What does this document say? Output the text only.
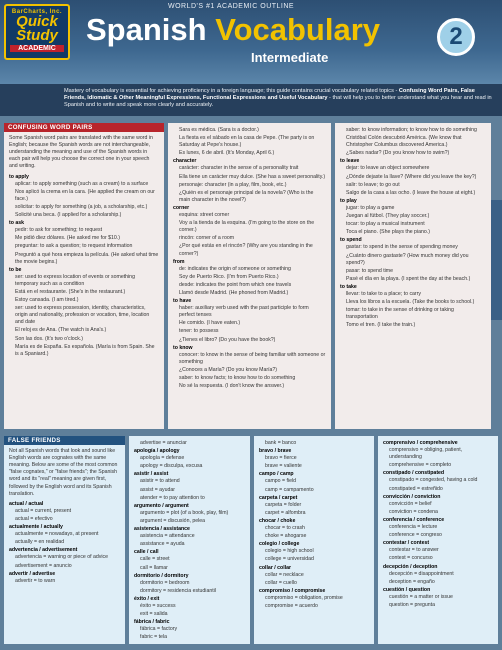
BarCharts, Inc.
Quick
Study
ACADEMIC
WORLD'S #1 ACADEMIC OUTLINE
Spanish Vocabulary
Intermediate
2
Mastery of vocabulary is essential for achieving proficiency in a foreign language; this guide contains crucial vocabulary related topics - Confusing Word Pairs, False Friends, Idiomatic & Other Meaningful Expressions, Functional Expressions and Useful Vocabulary - that will help you to better understand what you hear and read in Spanish and to write and speak more clearly and accurately.
CONFUSING WORD PAIRS
Some Spanish word pairs are translated with the same word in English; because the Spanish words are not interchangeable, understanding the meaning and use of the Spanish words in each pair will help you choose the correct one in your speech and writing.
to apply
aplicar: to apply something (such as a cream) to a surface
Nos aplicó la crema en la cara. (He applied the cream on our face.)
solicitar: to apply for something (a job, a scholarship, etc.)
Solicité una beca. (I applied for a scholarship.)
to ask
pedir: to ask for something; to request
Me pidió diez dólares. (He asked me for $10.)
preguntar: to ask a question; to request information
Preguntó a qué hora empieza la película. (He asked what time the movie begins.)
to be
ser: used to express location of events or something temporary such as a condition
Está en el restaurante. (She's in the restaurant.)
Estoy cansada. (I am tired.)
ser: used to express possession, identity, characteristics, origin and nationality, profession or vocation, time, location and date
El reloj es de Ana. (The watch is Ana's.)
Son las dos. (It's two o'clock.)
María es de España. Es española. (María is from Spain. She is a Spaniard.)
Sara es médica. (Sara is a doctor.)
La fiesta es el sábado en la casa de Pepe. (The party is on Saturday at Pepe's house.)
Es lunes, 6 de abril. (It's Monday, April 6.)
character
carácter: character in the sense of a personality trait
Ella tiene un carácter muy dulce. (She has a sweet personality.)
personaje: character (in a play, film, book, etc.)
¿Quién es el personaje principal de la novela? (Who is the main character in the novel?)
corner
esquina: street corner
Voy a la tienda de la esquina. (I'm going to the store on the corner.)
rincón: corner of a room
¿Por qué estás en el rincón? (Why are you standing in the corner?)
from
de: indicates the origin of someone or something
Soy de Puerto Rico. (I'm from Puerto Rico.)
desde: indicates the point from which one travels
Llamó desde Madrid. (He phoned from Madrid.)
to have
haber: auxiliary verb used with the past participle to form perfect tenses
He comido. (I have eaten.)
tener: to possess
¿Tienes el libro? (Do you have the book?)
to know
conocer: to know in the sense of being familiar with someone or something
¿Conoces a María? (Do you know María?)
saber: to know facts; to know how to do something
No sé la respuesta. (I don't know the answer.)
saber: to know information; to know how to do something
Cristóbal Colón descubrió América. (We know that Christopher Columbus discovered America.)
¿Sabes nadar? (Do you know how to swim?)
to leave
dejar: to leave an object somewhere
¿Dónde dejaste la llave? (Where did you leave the key?)
salir: to leave; to go out
Salgo de la casa a las ocho. (I leave the house at eight.)
to play
jugar: to play a game
Juegan al fútbol. (They play soccer.)
tocar: to play a musical instrument
Toca el piano. (She plays the piano.)
to spend
gastar: to spend in the sense of spending money
¿Cuánto dinero gastaste? (How much money did you spend?)
pasar: to spend time
Pasé el día en la playa. (I spent the day at the beach.)
to take
llevar: to take to a place; to carry
Lleva los libros a la escuela. (Take the books to school.)
tomar: to take in the sense of drinking or taking transportation
Tomo el tren. (I take the train.)
FALSE FRIENDS
Not all Spanish words that look and sound like English words are cognates with the same meaning. Below are some of the most common "false cognates," or "false friends"; the Spanish word and its "real" meaning are given first, followed by the English word and its Spanish translation.
actual / actual
actual = current, present
actual = efectivo
actualmente / actually
actualmente = nowadays, at present
actually = en realidad
advertencia / advertisement
advertencia = warning or piece of advice
advertisement = anuncio
advertir / advertise
advertir = to warn
advertise = anunciar
apología / apology
apología = defense
apology = disculpa, excusa
asistir / assist
asistir = to attend
assist = ayudar
atender = to pay attention to
argumento / argument
argumento = plot (of a book, play, film)
argument = discusión, pelea
asistencia / assistance
asistencia = attendance
assistance = ayuda
calle / call
calle = street
call = llamar
dormitorio / dormitory
dormitorio = bedroom
dormitory = residencia estudiantil
éxito / exit
éxito = success
exit = salida
fábrica / fabric
fábrica = factory
fabric = tela
bank = banco
bravo / brave
bravo = fierce
brave = valiente
campo / camp
campo = field
camp = campamento
carpeta / carpet
carpeta = folder
carpet = alfombra
chocar / choke
chocar = to crash
choke = ahogarse
colegio / college
colegio = high school
college = universidad
collar / collar
collar = necklace
collar = cuello
compromiso / compromise
compromiso = obligation, promise
compromise = acuerdo
comprensivo / comprehensive
comprensivo = obliging, patient, understanding
comprehensive = completo
constipado / constipated
constipado = congested, having a cold
constipated = estreñido
convicción / conviction
convicción = belief
conviction = condena
conferencia / conference
conferencia = lecture
conference = congreso
contestar / contest
contestar = to answer
contest = concurso
decepción / deception
decepción = disappointment
deception = engaño
cuestión / question
cuestión = a matter or issue
question = pregunta
